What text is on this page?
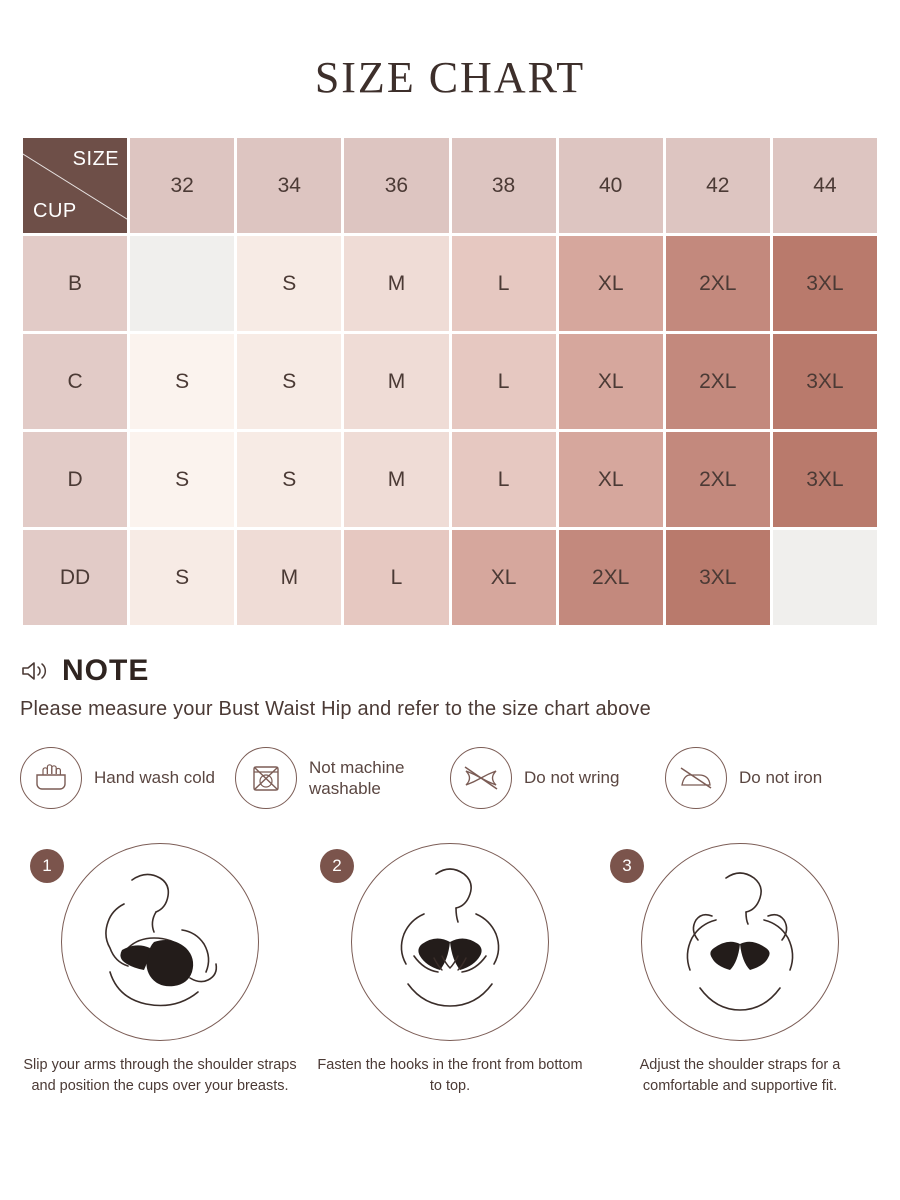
SIZE CHART
SIZE
CUP	32	34	36	38	40	42	44
B		S	M	L	XL	2XL	3XL
C	S	S	M	L	XL	2XL	3XL
D	S	S	M	L	XL	2XL	3XL
DD	S	M	L	XL	2XL	3XL	
NOTE
Please measure your Bust Waist Hip and refer to the size chart above
Hand wash cold
Not machine washable
Do not wring	Do not iron
1
Slip your arms through the shoulder straps and position the cups over your breasts.
2
Fasten the hooks in the front from bottom to top.
3
Adjust the shoulder straps for a comfortable and supportive fit.
